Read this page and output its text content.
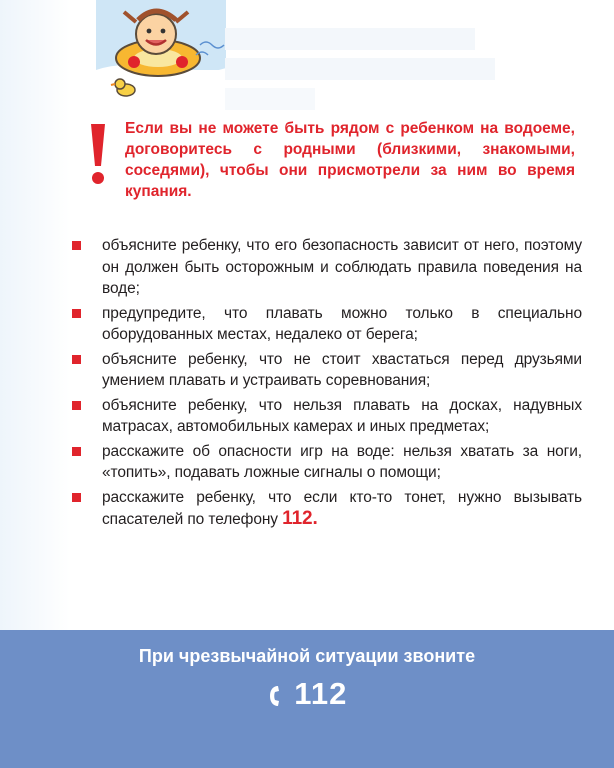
Если вы не можете быть рядом с ребенком на водоеме, договоритесь с родными (близкими, знакомыми, соседями), чтобы они присмотрели за ним во время купания.
объясните ребенку, что его безопасность зависит от него, поэтому он должен быть осторожным и соблюдать правила поведения на воде;
предупредите, что плавать можно только в специально оборудованных местах, недалеко от берега;
объясните ребенку, что не стоит хвастаться перед друзьями умением плавать и устраивать соревнования;
объясните ребенку, что нельзя плавать на досках, надувных матрасах, автомобильных камерах и иных предметах;
расскажите об опасности игр на воде: нельзя хватать за ноги, «топить», подавать ложные сигналы о помощи;
расскажите ребенку, что если кто-то тонет, нужно вызывать спасателей по телефону 112.
При чрезвычайной ситуации звоните
112
